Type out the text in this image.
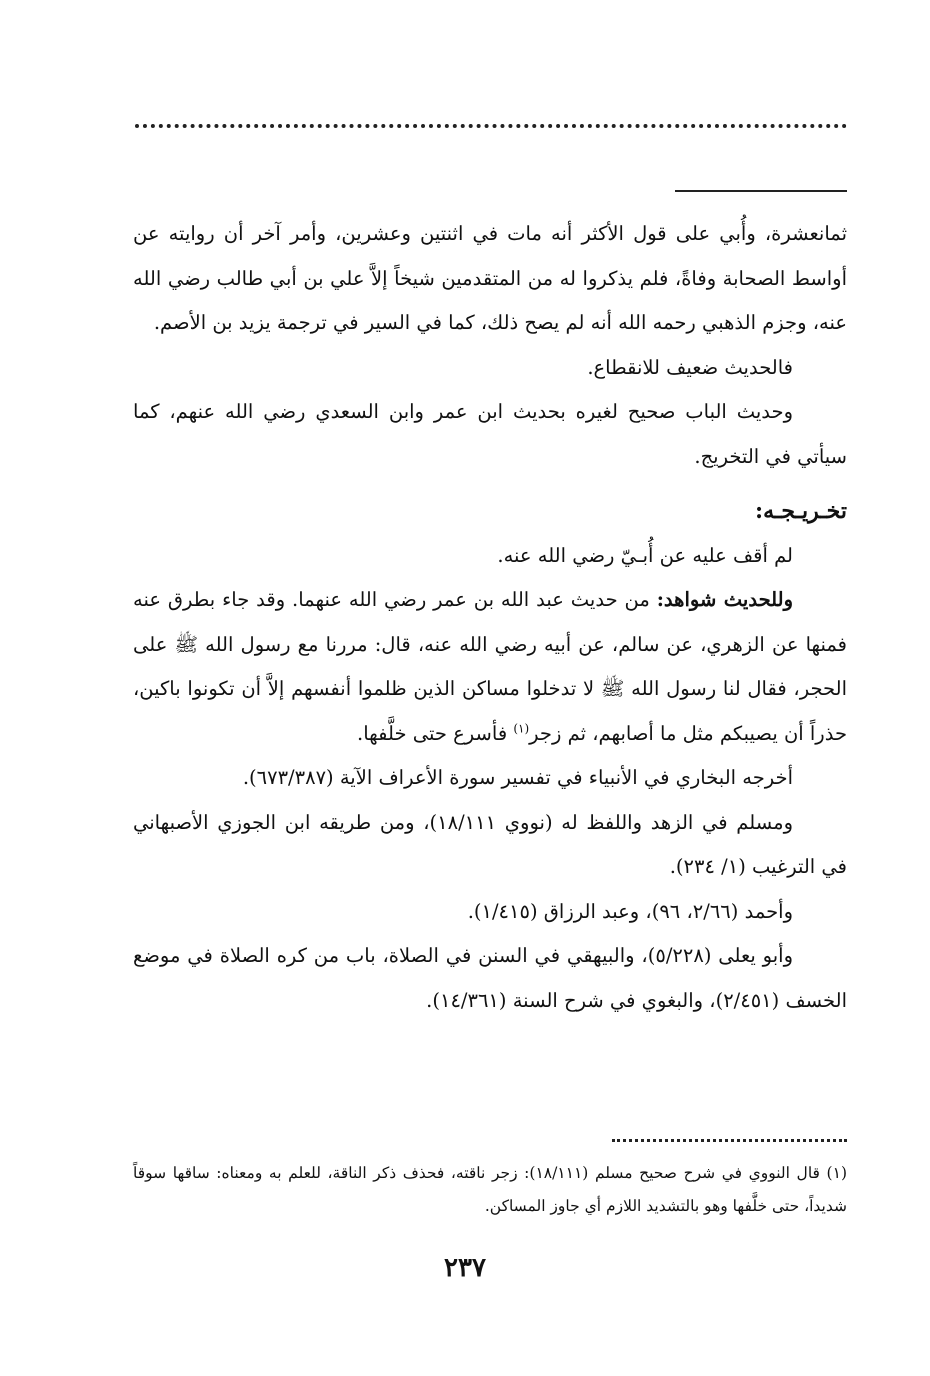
ثمانعشرة، وأُبي على قول الأكثر أنه مات في اثنتين وعشرين، وأمر آخر أن روايته عن أواسط الصحابة وفاةً، فلم يذكروا له من المتقدمين شيخاً إلاَّ علي بن أبي طالب رضي الله عنه، وجزم الذهبي رحمه الله أنه لم يصح ذلك، كما في السير في ترجمة يزيد بن الأصم.

فالحديث ضعيف للانقطاع.

وحديث الباب صحيح لغيره بحديث ابن عمر وابن السعدي رضي الله عنهم، كما سيأتي في التخريج.

تخـريـجـه:

لم أقف عليه عن أُبـيّ رضي الله عنه.

وللحديث شواهد: من حديث عبد الله بن عمر رضي الله عنهما. وقد جاء بطرق عنه فمنها عن الزهري، عن سالم، عن أبيه رضي الله عنه، قال: مررنا مع رسول الله ﷺ على الحجر، فقال لنا رسول الله ﷺ لا تدخلوا مساكن الذين ظلموا أنفسهم إلاَّ أن تكونوا باكين، حذراً أن يصيبكم مثل ما أصابهم، ثم زجر$^{(١)}$ فأسرع حتى خلَّفها.

أخرجه البخاري في الأنبياء في تفسير سورة الأعراف الآية (٦٧٣/٣٨٧).

ومسلم في الزهد واللفظ له (نووي ١٨/١١١)، ومن طريقه ابن الجوزي الأصبهاني في الترغيب (١/ ٢٣٤).

وأحمد (٢/٦٦، ٩٦)، وعبد الرزاق (١/٤١٥).

وأبو يعلى (٥/٢٢٨)، والبيهقي في السنن في الصلاة، باب من كره الصلاة في موضع الخسف (٢/٤٥١)، والبغوي في شرح السنة (١٤/٣٦١).

(١) قال النووي في شرح صحيح مسلم (١٨/١١١): زجر ناقته، فحذف ذكر الناقة، للعلم به ومعناه: ساقها سوقاً شديداً، حتى خلَّفها وهو بالتشديد اللازم أي جاوز المساكن.

٢٣٧
